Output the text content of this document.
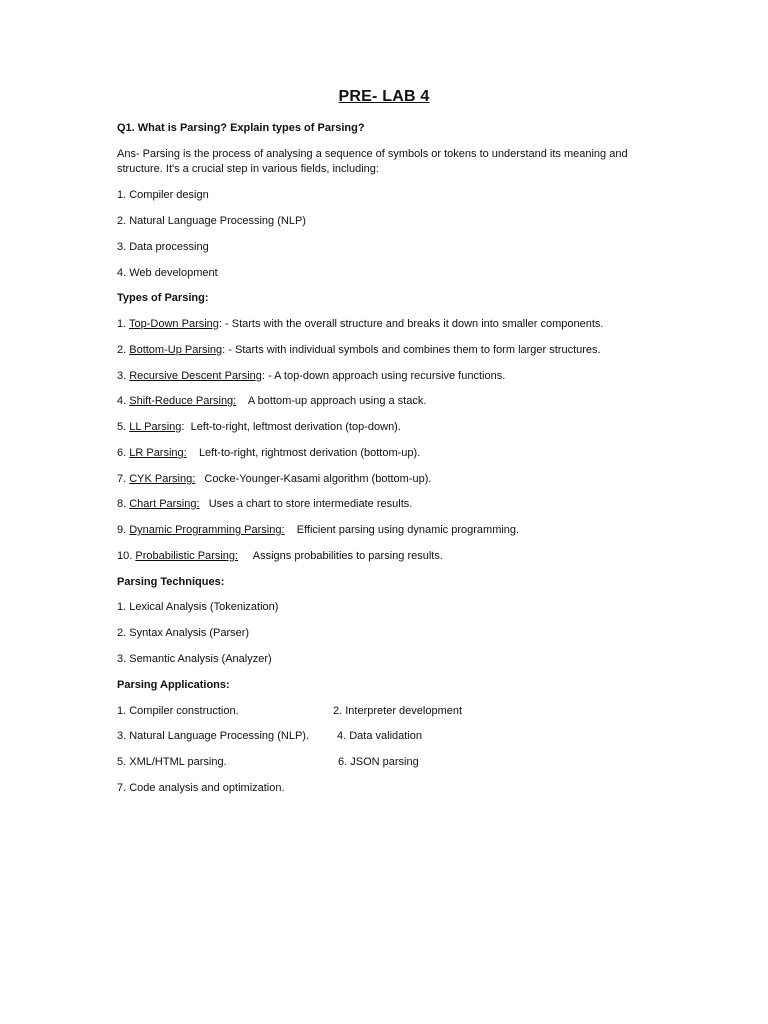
PRE- LAB 4
Q1. What is Parsing? Explain types of Parsing?
Ans- Parsing is the process of analysing a sequence of symbols or tokens to understand its meaning and
structure. It's a crucial step in various fields, including:
1. Compiler design
2. Natural Language Processing (NLP)
3. Data processing
4. Web development
Types of Parsing:
1. Top-Down Parsing: - Starts with the overall structure and breaks it down into smaller components.
2. Bottom-Up Parsing: - Starts with individual symbols and combines them to form larger structures.
3. Recursive Descent Parsing: - A top-down approach using recursive functions.
4. Shift-Reduce Parsing:    A bottom-up approach using a stack.
5. LL Parsing:  Left-to-right, leftmost derivation (top-down).
6. LR Parsing:    Left-to-right, rightmost derivation (bottom-up).
7. CYK Parsing:   Cocke-Younger-Kasami algorithm (bottom-up).
8. Chart Parsing:   Uses a chart to store intermediate results.
9. Dynamic Programming Parsing:    Efficient parsing using dynamic programming.
10. Probabilistic Parsing:     Assigns probabilities to parsing results.
Parsing Techniques:
1. Lexical Analysis (Tokenization)
2. Syntax Analysis (Parser)
3. Semantic Analysis (Analyzer)
Parsing Applications:
1. Compiler construction.	2. Interpreter development
3. Natural Language Processing (NLP).	4. Data validation
5. XML/HTML parsing.	6. JSON parsing
7. Code analysis and optimization.
